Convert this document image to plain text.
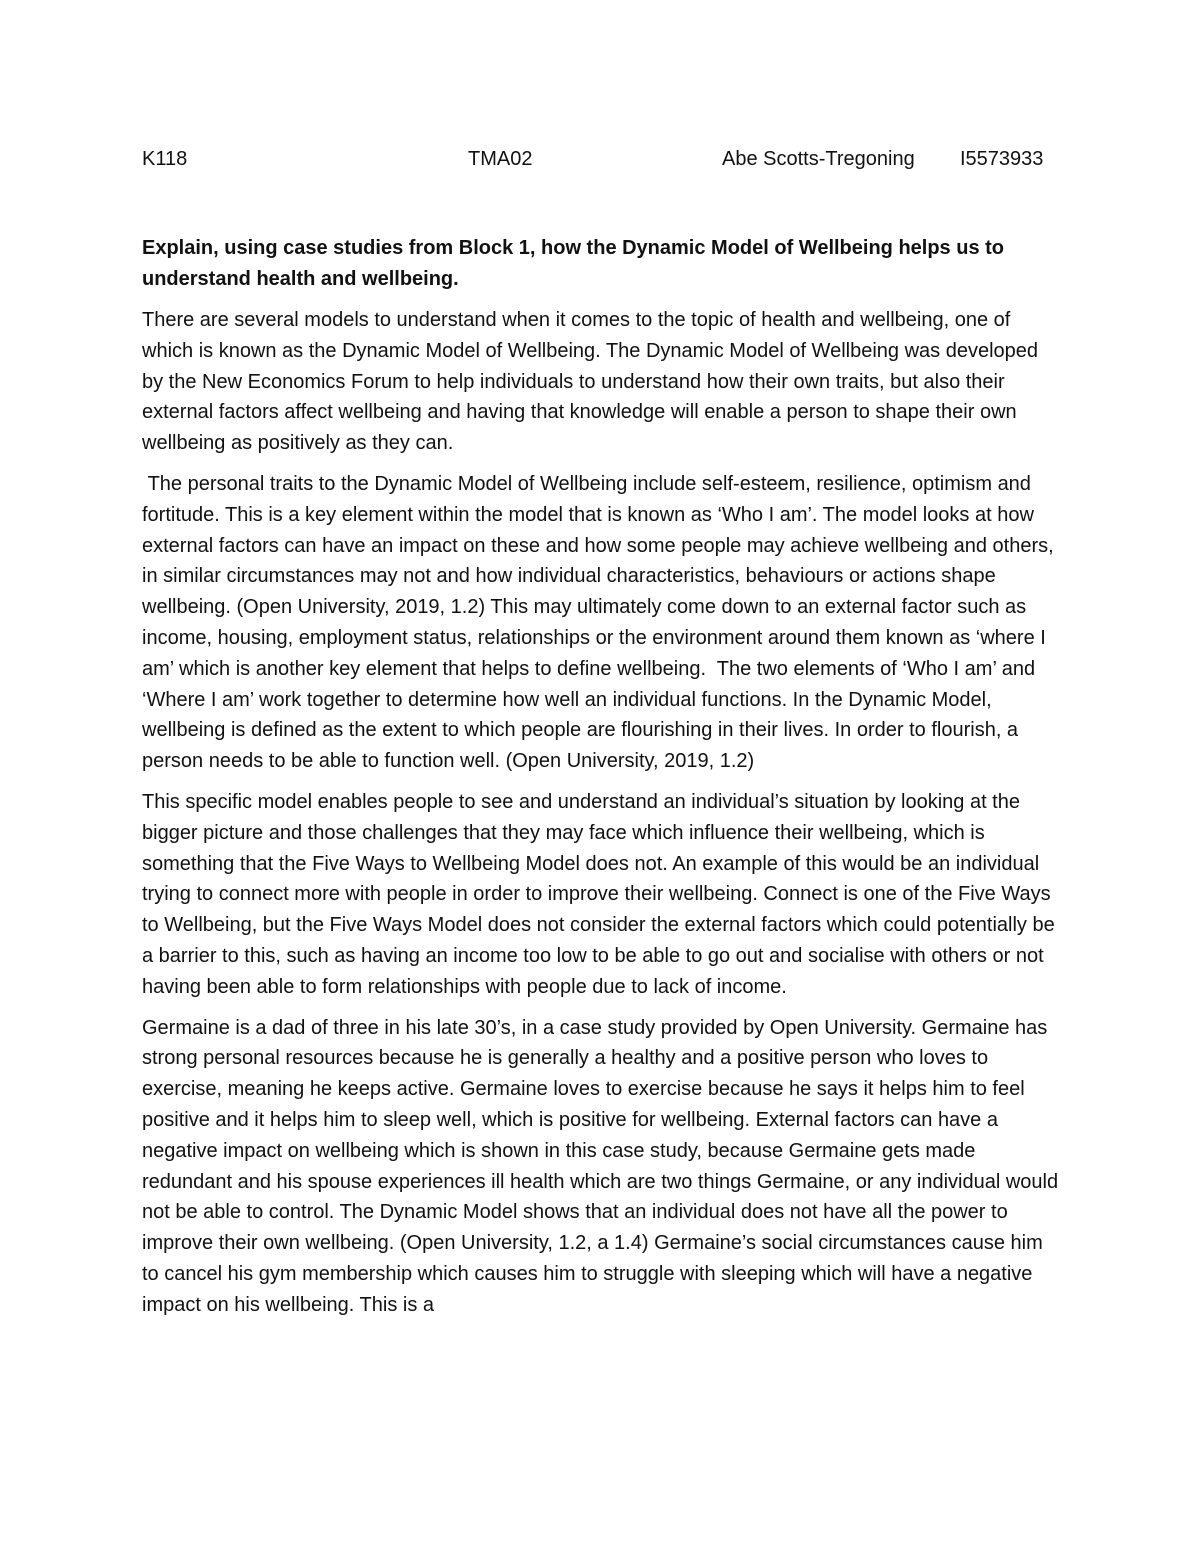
K118	TMA02	Abe Scotts-Tregoning I5573933

Explain, using case studies from Block 1, how the Dynamic Model of Wellbeing helps us to understand health and wellbeing.

There are several models to understand when it comes to the topic of health and wellbeing, one of which is known as the Dynamic Model of Wellbeing. The Dynamic Model of Wellbeing was developed by the New Economics Forum to help individuals to understand how their own traits, but also their external factors affect wellbeing and having that knowledge will enable a person to shape their own wellbeing as positively as they can.

The personal traits to the Dynamic Model of Wellbeing include self-esteem, resilience, optimism and fortitude. This is a key element within the model that is known as ‘Who I am’. The model looks at how external factors can have an impact on these and how some people may achieve wellbeing and others, in similar circumstances may not and how individual characteristics, behaviours or actions shape wellbeing. (Open University, 2019, 1.2) This may ultimately come down to an external factor such as income, housing, employment status, relationships or the environment around them known as ‘where I am’ which is another key element that helps to define wellbeing.  The two elements of ‘Who I am’ and ‘Where I am’ work together to determine how well an individual functions. In the Dynamic Model, wellbeing is defined as the extent to which people are flourishing in their lives. In order to flourish, a person needs to be able to function well. (Open University, 2019, 1.2)

This specific model enables people to see and understand an individual’s situation by looking at the bigger picture and those challenges that they may face which influence their wellbeing, which is something that the Five Ways to Wellbeing Model does not. An example of this would be an individual trying to connect more with people in order to improve their wellbeing. Connect is one of the Five Ways to Wellbeing, but the Five Ways Model does not consider the external factors which could potentially be a barrier to this, such as having an income too low to be able to go out and socialise with others or not having been able to form relationships with people due to lack of income.

Germaine is a dad of three in his late 30’s, in a case study provided by Open University. Germaine has strong personal resources because he is generally a healthy and a positive person who loves to exercise, meaning he keeps active. Germaine loves to exercise because he says it helps him to feel positive and it helps him to sleep well, which is positive for wellbeing. External factors can have a negative impact on wellbeing which is shown in this case study, because Germaine gets made redundant and his spouse experiences ill health which are two things Germaine, or any individual would not be able to control. The Dynamic Model shows that an individual does not have all the power to improve their own wellbeing. (Open University, 1.2, a 1.4) Germaine’s social circumstances cause him to cancel his gym membership which causes him to struggle with sleeping which will have a negative impact on his wellbeing. This is a
